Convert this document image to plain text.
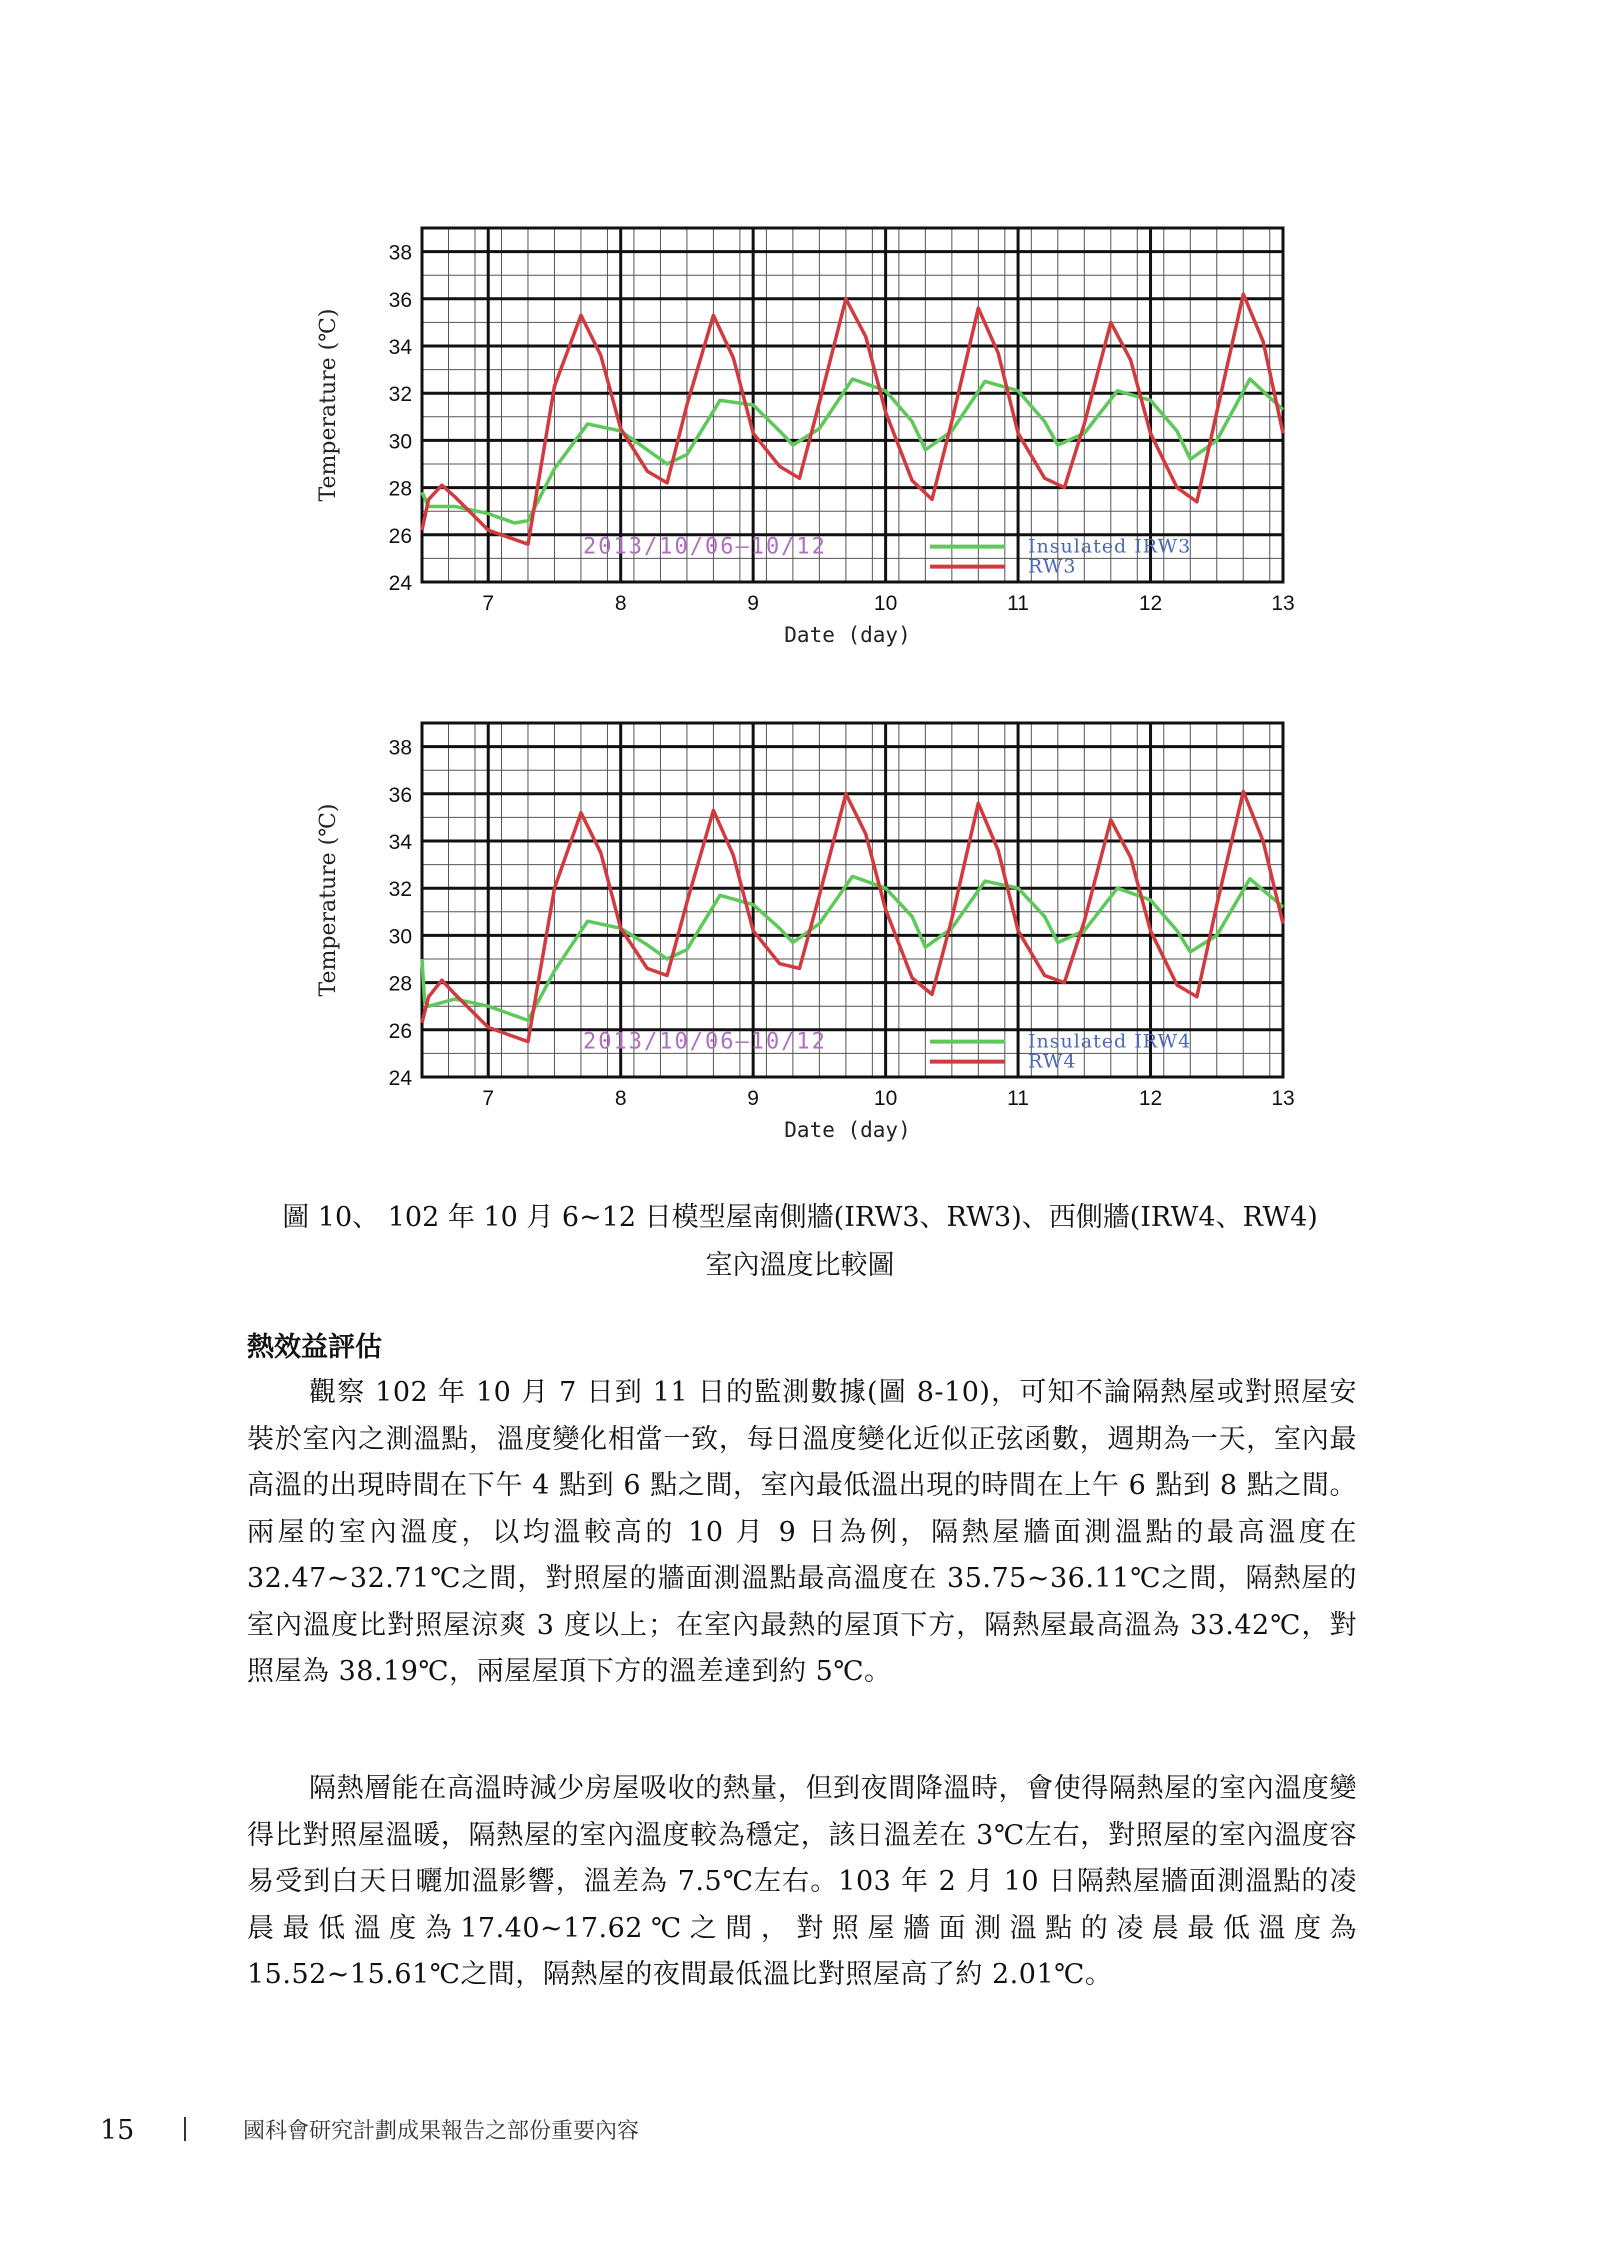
24
26
28
30
32
34
36
38
7	8	9	10	11	12	13
Date (day)
Temperature (℃)
2013/10/06—10/12	Insulated IRW3
RW3
24
26
28
30
32
34
36
38
7	8	9	10	11	12	13
Date (day)
Temperature (℃)
2013/10/06—10/12	Insulated IRW4
RW4
圖 10、 102 年 10 月 6~12 日模型屋南側牆(IRW3、RW3)、西側牆(IRW4、RW4)
室內溫度比較圖
熱效益評估
觀察 102 年 10 月 7 日到 11 日的監測數據(圖 8-10)，可知不論隔熱屋或對照屋安裝於室內之測溫點，溫度變化相當一致，每日溫度變化近似正弦函數，週期為一天，室內最高溫的出現時間在下午 4 點到 6 點之間，室內最低溫出現的時間在上午 6 點到 8 點之間。兩屋的室內溫度，以均溫較高的 10 月 9 日為例，隔熱屋牆面測溫點的最高溫度在 32.47~32.71℃之間，對照屋的牆面測溫點最高溫度在 35.75~36.11℃之間，隔熱屋的室內溫度比對照屋涼爽 3 度以上；在室內最熱的屋頂下方，隔熱屋最高溫為 33.42℃，對照屋為 38.19℃，兩屋屋頂下方的溫差達到約 5℃。
隔熱層能在高溫時減少房屋吸收的熱量，但到夜間降溫時，會使得隔熱屋的室內溫度變得比對照屋溫暖，隔熱屋的室內溫度較為穩定，該日溫差在 3℃左右，對照屋的室內溫度容易受到白天日曬加溫影響，溫差為 7.5℃左右。103 年 2 月 10 日隔熱屋牆面測溫點的凌晨最低溫度為17.40~17.62℃之間，對照屋牆面測溫點的凌晨最低溫度為 15.52~15.61℃之間，隔熱屋的夜間最低溫比對照屋高了約 2.01℃。
15	國科會研究計劃成果報告之部份重要內容
